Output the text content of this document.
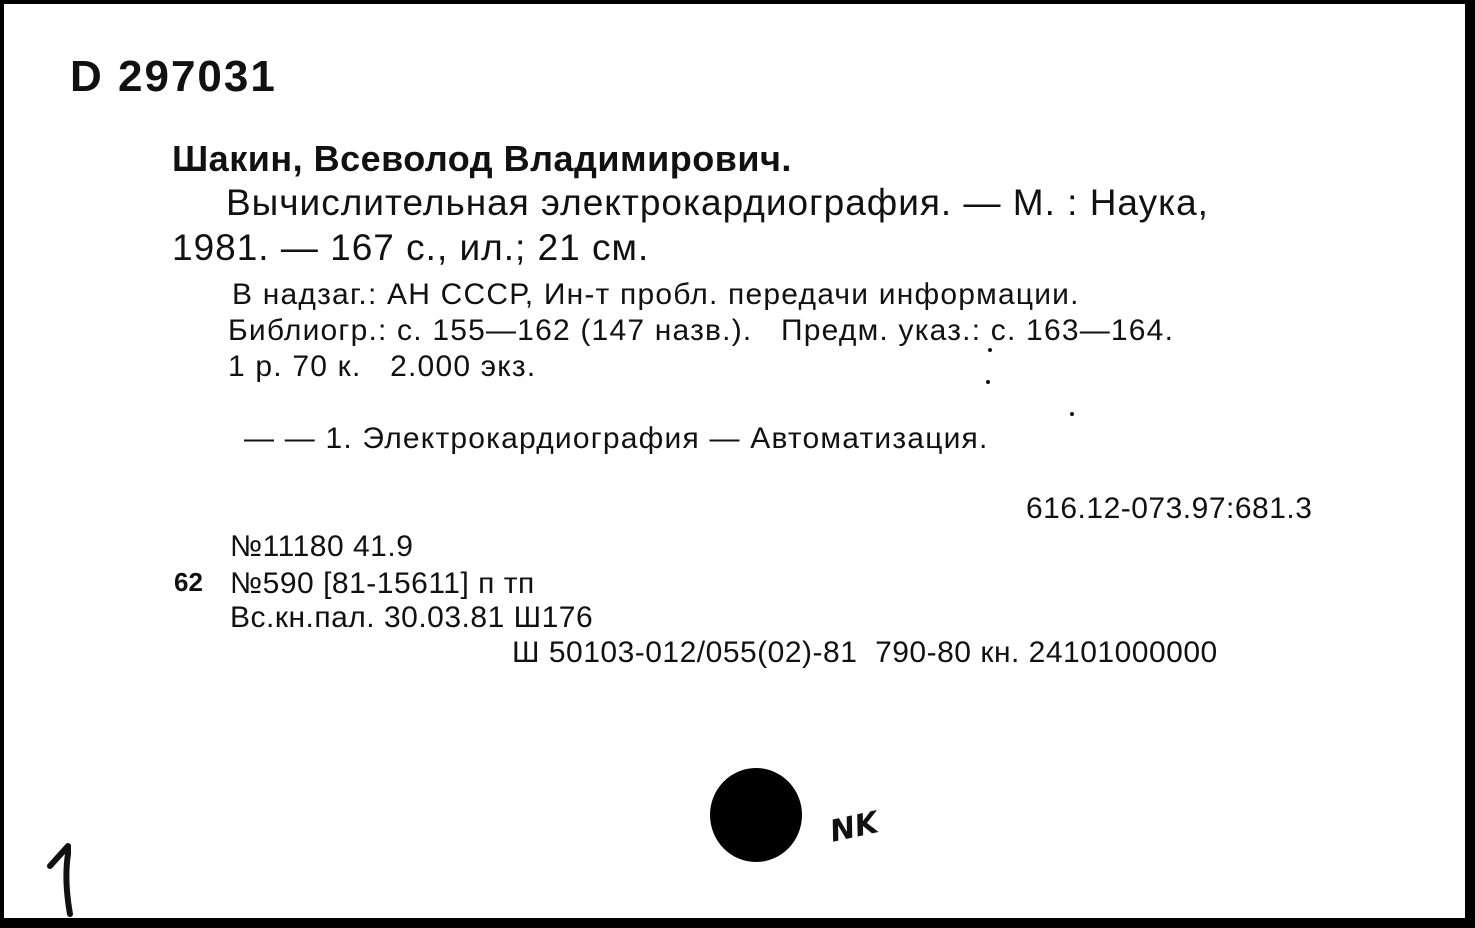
D 297031
Шакин, Всеволод Владимирович.
Вычислительная электрокардиография. — М. : Наука,
1981. — 167 с., ил.; 21 см.
В надзаг.: АН СССР, Ин-т пробл. передачи информации.
Библиогр.: с. 155—162 (147 назв.).   Предм. указ.: с. 163—164.
1 р. 70 к.   2.000 экз.
— — 1. Электрокардиография — Автоматизация.
616.12-073.97:681.3
№11180 41.9
62 №590 [81-15611] п тп
Вс.кн.пал. 30.03.81 Ш176
Ш 50103-012/055(02)-81  790-80 кн. 24101000000
NK
